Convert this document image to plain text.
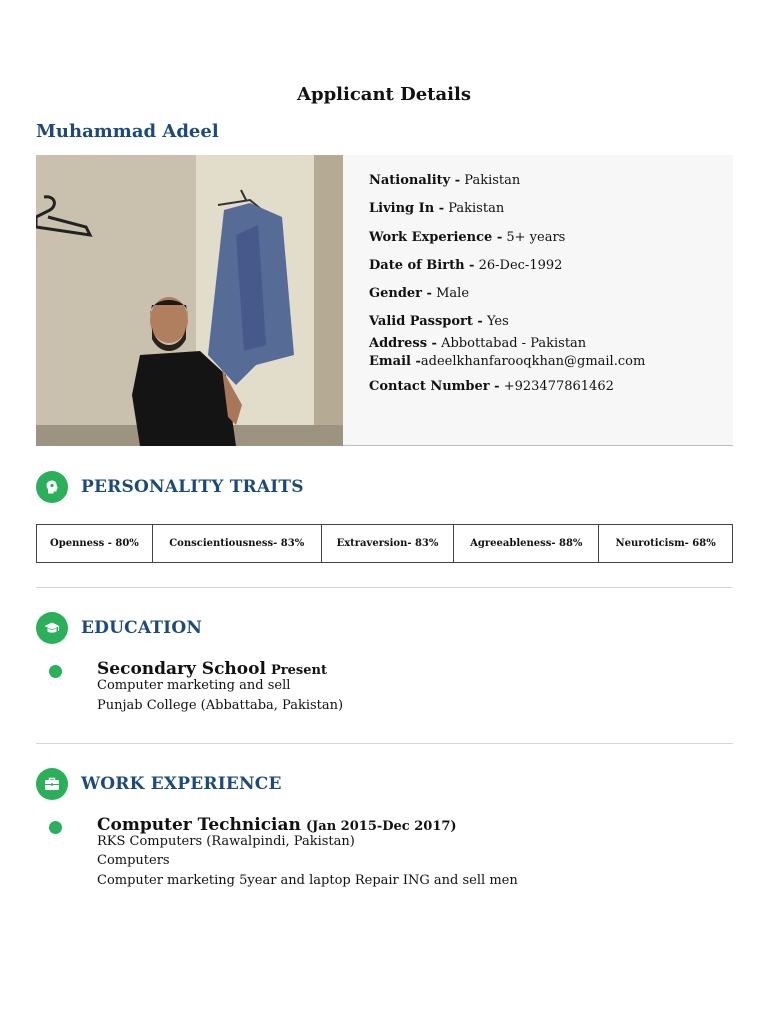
Applicant Details
Muhammad Adeel
Nationality - Pakistan
Living In - Pakistan
Work Experience - 5+ years
Date of Birth - 26-Dec-1992
Gender - Male
Valid Passport - Yes
Address - Abbottabad - Pakistan
Email -adeelkhanfarooqkhan@gmail.com
Contact Number - +923477861462
PERSONALITY TRAITS
Openness - 80%	Conscientiousness- 83%	Extraversion- 83%	Agreeableness- 88%	Neuroticism- 68%
EDUCATION
Secondary School Present
Computer marketing and sell
Punjab College (Abbattaba, Pakistan)
WORK EXPERIENCE
Computer Technician (Jan 2015-Dec 2017)
RKS Computers (Rawalpindi, Pakistan)
Computers
Computer marketing 5year and laptop Repair ING and sell men
